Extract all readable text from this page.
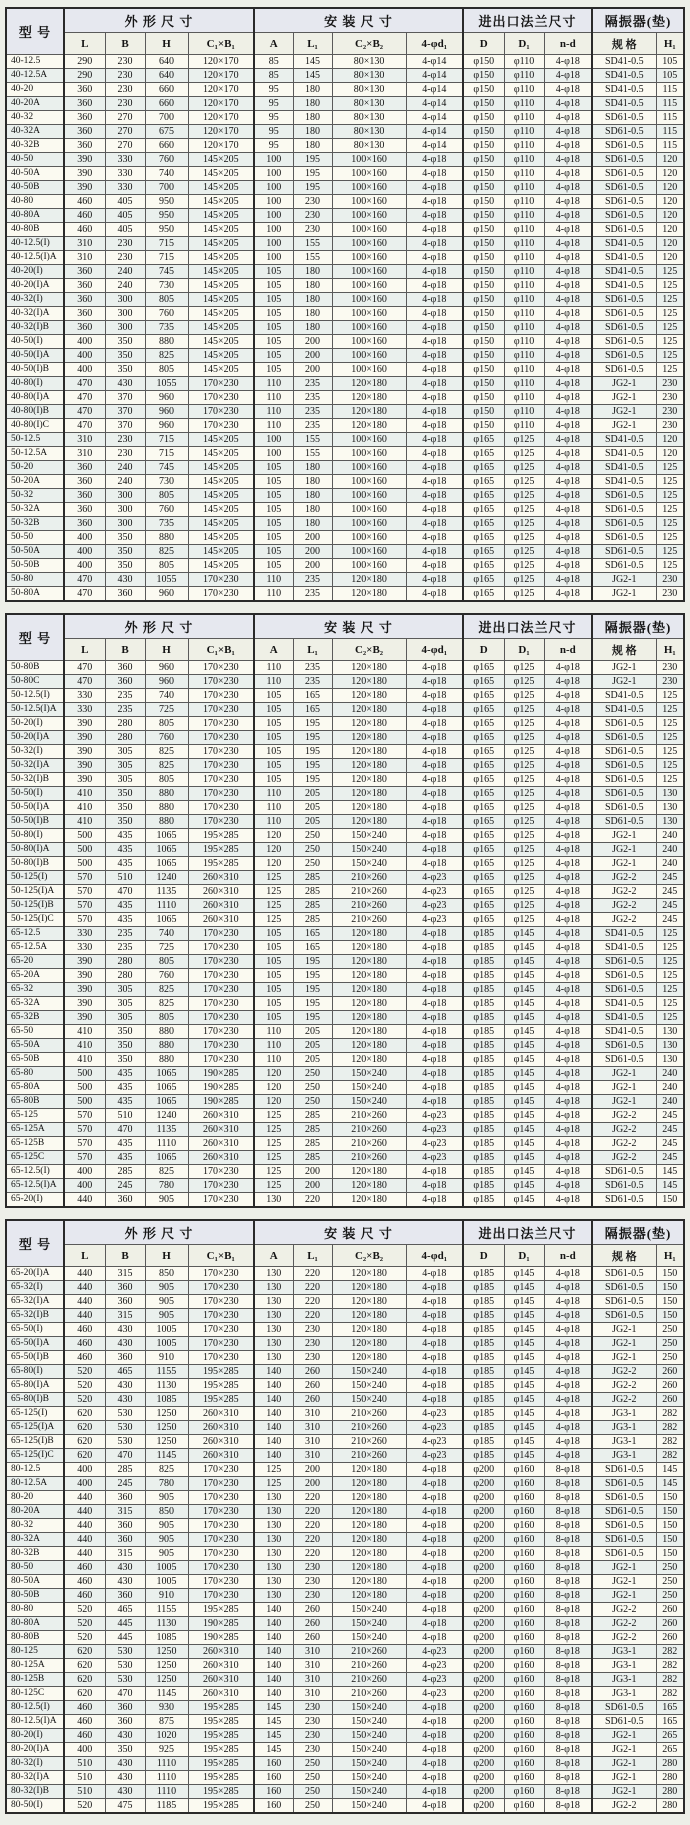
型 号	外 形 尺 寸				安 装 尺 寸				进出口法兰尺寸			隔振器(垫)	
	L	B	H	C₁×B₁	A	L₁	C₂×B₂	4-φd₁	D	D₁	n-d	规 格	H₁
40-12.5	290	230	640	120×170	85	145	80×130	4-φ14	φ150	φ110	4-φ18	SD41-0.5	105
40-12.5A	290	230	640	120×170	85	145	80×130	4-φ14	φ150	φ110	4-φ18	SD41-0.5	105
40-20	360	230	660	120×170	95	180	80×130	4-φ14	φ150	φ110	4-φ18	SD41-0.5	115
40-20A	360	230	660	120×170	95	180	80×130	4-φ14	φ150	φ110	4-φ18	SD41-0.5	115
40-32	360	270	700	120×170	95	180	80×130	4-φ14	φ150	φ110	4-φ18	SD61-0.5	115
40-32A	360	270	675	120×170	95	180	80×130	4-φ14	φ150	φ110	4-φ18	SD61-0.5	115
40-32B	360	270	660	120×170	95	180	80×130	4-φ14	φ150	φ110	4-φ18	SD61-0.5	115
40-50	390	330	760	145×205	100	195	100×160	4-φ18	φ150	φ110	4-φ18	SD61-0.5	120
40-50A	390	330	740	145×205	100	195	100×160	4-φ18	φ150	φ110	4-φ18	SD61-0.5	120
40-50B	390	330	700	145×205	100	195	100×160	4-φ18	φ150	φ110	4-φ18	SD61-0.5	120
40-80	460	405	950	145×205	100	230	100×160	4-φ18	φ150	φ110	4-φ18	SD61-0.5	120
40-80A	460	405	950	145×205	100	230	100×160	4-φ18	φ150	φ110	4-φ18	SD61-0.5	120
40-80B	460	405	950	145×205	100	230	100×160	4-φ18	φ150	φ110	4-φ18	SD61-0.5	120
40-12.5(I)	310	230	715	145×205	100	155	100×160	4-φ18	φ150	φ110	4-φ18	SD41-0.5	120
40-12.5(I)A	310	230	715	145×205	100	155	100×160	4-φ18	φ150	φ110	4-φ18	SD41-0.5	120
40-20(I)	360	240	745	145×205	105	180	100×160	4-φ18	φ150	φ110	4-φ18	SD41-0.5	125
40-20(I)A	360	240	730	145×205	105	180	100×160	4-φ18	φ150	φ110	4-φ18	SD41-0.5	125
40-32(I)	360	300	805	145×205	105	180	100×160	4-φ18	φ150	φ110	4-φ18	SD61-0.5	125
40-32(I)A	360	300	760	145×205	105	180	100×160	4-φ18	φ150	φ110	4-φ18	SD61-0.5	125
40-32(I)B	360	300	735	145×205	105	180	100×160	4-φ18	φ150	φ110	4-φ18	SD61-0.5	125
40-50(I)	400	350	880	145×205	105	200	100×160	4-φ18	φ150	φ110	4-φ18	SD61-0.5	125
40-50(I)A	400	350	825	145×205	105	200	100×160	4-φ18	φ150	φ110	4-φ18	SD61-0.5	125
40-50(I)B	400	350	805	145×205	105	200	100×160	4-φ18	φ150	φ110	4-φ18	SD61-0.5	125
40-80(I)	470	430	1055	170×230	110	235	120×180	4-φ18	φ150	φ110	4-φ18	JG2-1	230
40-80(I)A	470	370	960	170×230	110	235	120×180	4-φ18	φ150	φ110	4-φ18	JG2-1	230
40-80(I)B	470	370	960	170×230	110	235	120×180	4-φ18	φ150	φ110	4-φ18	JG2-1	230
40-80(I)C	470	370	960	170×230	110	235	120×180	4-φ18	φ150	φ110	4-φ18	JG2-1	230
50-12.5	310	230	715	145×205	100	155	100×160	4-φ18	φ165	φ125	4-φ18	SD41-0.5	120
50-12.5A	310	230	715	145×205	100	155	100×160	4-φ18	φ165	φ125	4-φ18	SD41-0.5	120
50-20	360	240	745	145×205	105	180	100×160	4-φ18	φ165	φ125	4-φ18	SD41-0.5	125
50-20A	360	240	730	145×205	105	180	100×160	4-φ18	φ165	φ125	4-φ18	SD41-0.5	125
50-32	360	300	805	145×205	105	180	100×160	4-φ18	φ165	φ125	4-φ18	SD61-0.5	125
50-32A	360	300	760	145×205	105	180	100×160	4-φ18	φ165	φ125	4-φ18	SD61-0.5	125
50-32B	360	300	735	145×205	105	180	100×160	4-φ18	φ165	φ125	4-φ18	SD61-0.5	125
50-50	400	350	880	145×205	105	200	100×160	4-φ18	φ165	φ125	4-φ18	SD61-0.5	125
50-50A	400	350	825	145×205	105	200	100×160	4-φ18	φ165	φ125	4-φ18	SD61-0.5	125
50-50B	400	350	805	145×205	105	200	100×160	4-φ18	φ165	φ125	4-φ18	SD61-0.5	125
50-80	470	430	1055	170×230	110	235	120×180	4-φ18	φ165	φ125	4-φ18	JG2-1	230
50-80A	470	360	960	170×230	110	235	120×180	4-φ18	φ165	φ125	4-φ18	JG2-1	230
型 号	外 形 尺 寸				安 装 尺 寸				进出口法兰尺寸			隔振器(垫)	
	L	B	H	C₁×B₁	A	L₁	C₂×B₂	4-φd₁	D	D₁	n-d	规 格	H₁
50-80B	470	360	960	170×230	110	235	120×180	4-φ18	φ165	φ125	4-φ18	JG2-1	230
50-80C	470	360	960	170×230	110	235	120×180	4-φ18	φ165	φ125	4-φ18	JG2-1	230
50-12.5(I)	330	235	740	170×230	105	165	120×180	4-φ18	φ165	φ125	4-φ18	SD41-0.5	125
50-12.5(I)A	330	235	725	170×230	105	165	120×180	4-φ18	φ165	φ125	4-φ18	SD41-0.5	125
50-20(I)	390	280	805	170×230	105	195	120×180	4-φ18	φ165	φ125	4-φ18	SD61-0.5	125
50-20(I)A	390	280	760	170×230	105	195	120×180	4-φ18	φ165	φ125	4-φ18	SD61-0.5	125
50-32(I)	390	305	825	170×230	105	195	120×180	4-φ18	φ165	φ125	4-φ18	SD61-0.5	125
50-32(I)A	390	305	825	170×230	105	195	120×180	4-φ18	φ165	φ125	4-φ18	SD61-0.5	125
50-32(I)B	390	305	805	170×230	105	195	120×180	4-φ18	φ165	φ125	4-φ18	SD61-0.5	125
50-50(I)	410	350	880	170×230	110	205	120×180	4-φ18	φ165	φ125	4-φ18	SD61-0.5	130
50-50(I)A	410	350	880	170×230	110	205	120×180	4-φ18	φ165	φ125	4-φ18	SD61-0.5	130
50-50(I)B	410	350	880	170×230	110	205	120×180	4-φ18	φ165	φ125	4-φ18	SD61-0.5	130
50-80(I)	500	435	1065	195×285	120	250	150×240	4-φ18	φ165	φ125	4-φ18	JG2-1	240
50-80(I)A	500	435	1065	195×285	120	250	150×240	4-φ18	φ165	φ125	4-φ18	JG2-1	240
50-80(I)B	500	435	1065	195×285	120	250	150×240	4-φ18	φ165	φ125	4-φ18	JG2-1	240
50-125(I)	570	510	1240	260×310	125	285	210×260	4-φ23	φ165	φ125	4-φ18	JG2-2	245
50-125(I)A	570	470	1135	260×310	125	285	210×260	4-φ23	φ165	φ125	4-φ18	JG2-2	245
50-125(I)B	570	435	1110	260×310	125	285	210×260	4-φ23	φ165	φ125	4-φ18	JG2-2	245
50-125(I)C	570	435	1065	260×310	125	285	210×260	4-φ23	φ165	φ125	4-φ18	JG2-2	245
65-12.5	330	235	740	170×230	105	165	120×180	4-φ18	φ185	φ145	4-φ18	SD41-0.5	125
65-12.5A	330	235	725	170×230	105	165	120×180	4-φ18	φ185	φ145	4-φ18	SD41-0.5	125
65-20	390	280	805	170×230	105	195	120×180	4-φ18	φ185	φ145	4-φ18	SD61-0.5	125
65-20A	390	280	760	170×230	105	195	120×180	4-φ18	φ185	φ145	4-φ18	SD61-0.5	125
65-32	390	305	825	170×230	105	195	120×180	4-φ18	φ185	φ145	4-φ18	SD61-0.5	125
65-32A	390	305	825	170×230	105	195	120×180	4-φ18	φ185	φ145	4-φ18	SD41-0.5	125
65-32B	390	305	805	170×230	105	195	120×180	4-φ18	φ185	φ145	4-φ18	SD41-0.5	125
65-50	410	350	880	170×230	110	205	120×180	4-φ18	φ185	φ145	4-φ18	SD41-0.5	130
65-50A	410	350	880	170×230	110	205	120×180	4-φ18	φ185	φ145	4-φ18	SD61-0.5	130
65-50B	410	350	880	170×230	110	205	120×180	4-φ18	φ185	φ145	4-φ18	SD61-0.5	130
65-80	500	435	1065	190×285	120	250	150×240	4-φ18	φ185	φ145	4-φ18	JG2-1	240
65-80A	500	435	1065	190×285	120	250	150×240	4-φ18	φ185	φ145	4-φ18	JG2-1	240
65-80B	500	435	1065	190×285	120	250	150×240	4-φ18	φ185	φ145	4-φ18	JG2-1	240
65-125	570	510	1240	260×310	125	285	210×260	4-φ23	φ185	φ145	4-φ18	JG2-2	245
65-125A	570	470	1135	260×310	125	285	210×260	4-φ23	φ185	φ145	4-φ18	JG2-2	245
65-125B	570	435	1110	260×310	125	285	210×260	4-φ23	φ185	φ145	4-φ18	JG2-2	245
65-125C	570	435	1065	260×310	125	285	210×260	4-φ23	φ185	φ145	4-φ18	JG2-2	245
65-12.5(I)	400	285	825	170×230	125	200	120×180	4-φ18	φ185	φ145	4-φ18	SD61-0.5	145
65-12.5(I)A	400	245	780	170×230	125	200	120×180	4-φ18	φ185	φ145	4-φ18	SD61-0.5	145
65-20(I)	440	360	905	170×230	130	220	120×180	4-φ18	φ185	φ145	4-φ18	SD61-0.5	150
型 号	外 形 尺 寸				安 装 尺 寸				进出口法兰尺寸			隔振器(垫)	
	L	B	H	C₁×B₁	A	L₁	C₂×B₂	4-φd₁	D	D₁	n-d	规 格	H₁
65-20(I)A	440	315	850	170×230	130	220	120×180	4-φ18	φ185	φ145	4-φ18	SD61-0.5	150
65-32(I)	440	360	905	170×230	130	220	120×180	4-φ18	φ185	φ145	4-φ18	SD61-0.5	150
65-32(I)A	440	360	905	170×230	130	220	120×180	4-φ18	φ185	φ145	4-φ18	SD61-0.5	150
65-32(I)B	440	315	905	170×230	130	220	120×180	4-φ18	φ185	φ145	4-φ18	SD61-0.5	150
65-50(I)	460	430	1005	170×230	130	230	120×180	4-φ18	φ185	φ145	4-φ18	JG2-1	250
65-50(I)A	460	430	1005	170×230	130	230	120×180	4-φ18	φ185	φ145	4-φ18	JG2-1	250
65-50(I)B	460	360	910	170×230	130	230	120×180	4-φ18	φ185	φ145	4-φ18	JG2-1	250
65-80(I)	520	465	1155	195×285	140	260	150×240	4-φ18	φ185	φ145	4-φ18	JG2-2	260
65-80(I)A	520	430	1130	195×285	140	260	150×240	4-φ18	φ185	φ145	4-φ18	JG2-2	260
65-80(I)B	520	430	1085	195×285	140	260	150×240	4-φ18	φ185	φ145	4-φ18	JG2-2	260
65-125(I)	620	530	1250	260×310	140	310	210×260	4-φ23	φ185	φ145	4-φ18	JG3-1	282
65-125(I)A	620	530	1250	260×310	140	310	210×260	4-φ23	φ185	φ145	4-φ18	JG3-1	282
65-125(I)B	620	530	1250	260×310	140	310	210×260	4-φ23	φ185	φ145	4-φ18	JG3-1	282
65-125(I)C	620	470	1145	260×310	140	310	210×260	4-φ23	φ185	φ145	4-φ18	JG3-1	282
80-12.5	400	285	825	170×230	125	200	120×180	4-φ18	φ200	φ160	8-φ18	SD61-0.5	145
80-12.5A	400	245	780	170×230	125	200	120×180	4-φ18	φ200	φ160	8-φ18	SD61-0.5	145
80-20	440	360	905	170×230	130	220	120×180	4-φ18	φ200	φ160	8-φ18	SD61-0.5	150
80-20A	440	315	850	170×230	130	220	120×180	4-φ18	φ200	φ160	8-φ18	SD61-0.5	150
80-32	440	360	905	170×230	130	220	120×180	4-φ18	φ200	φ160	8-φ18	SD61-0.5	150
80-32A	440	360	905	170×230	130	220	120×180	4-φ18	φ200	φ160	8-φ18	SD61-0.5	150
80-32B	440	315	905	170×230	130	220	120×180	4-φ18	φ200	φ160	8-φ18	SD61-0.5	150
80-50	460	430	1005	170×230	130	230	120×180	4-φ18	φ200	φ160	8-φ18	JG2-1	250
80-50A	460	430	1005	170×230	130	230	120×180	4-φ18	φ200	φ160	8-φ18	JG2-1	250
80-50B	460	360	910	170×230	130	230	120×180	4-φ18	φ200	φ160	8-φ18	JG2-1	250
80-80	520	465	1155	195×285	140	260	150×240	4-φ18	φ200	φ160	8-φ18	JG2-2	260
80-80A	520	445	1130	190×285	140	260	150×240	4-φ18	φ200	φ160	8-φ18	JG2-2	260
80-80B	520	445	1085	190×285	140	260	150×240	4-φ18	φ200	φ160	8-φ18	JG2-2	260
80-125	620	530	1250	260×310	140	310	210×260	4-φ23	φ200	φ160	8-φ18	JG3-1	282
80-125A	620	530	1250	260×310	140	310	210×260	4-φ23	φ200	φ160	8-φ18	JG3-1	282
80-125B	620	530	1250	260×310	140	310	210×260	4-φ23	φ200	φ160	8-φ18	JG3-1	282
80-125C	620	470	1145	260×310	140	310	210×260	4-φ23	φ200	φ160	8-φ18	JG3-1	282
80-12.5(I)	460	360	930	195×285	145	230	150×240	4-φ18	φ200	φ160	8-φ18	SD61-0.5	165
80-12.5(I)A	460	360	875	195×285	145	230	150×240	4-φ18	φ200	φ160	8-φ18	SD61-0.5	165
80-20(I)	460	430	1020	195×285	145	230	150×240	4-φ18	φ200	φ160	8-φ18	JG2-1	265
80-20(I)A	400	350	925	195×285	145	230	150×240	4-φ18	φ200	φ160	8-φ18	JG2-1	265
80-32(I)	510	430	1110	195×285	160	250	150×240	4-φ18	φ200	φ160	8-φ18	JG2-1	280
80-32(I)A	510	430	1110	195×285	160	250	150×240	4-φ18	φ200	φ160	8-φ18	JG2-1	280
80-32(I)B	510	430	1110	195×285	160	250	150×240	4-φ18	φ200	φ160	8-φ18	JG2-1	280
80-50(I)	520	475	1185	195×285	160	250	150×240	4-φ18	φ200	φ160	8-φ18	JG2-2	280
